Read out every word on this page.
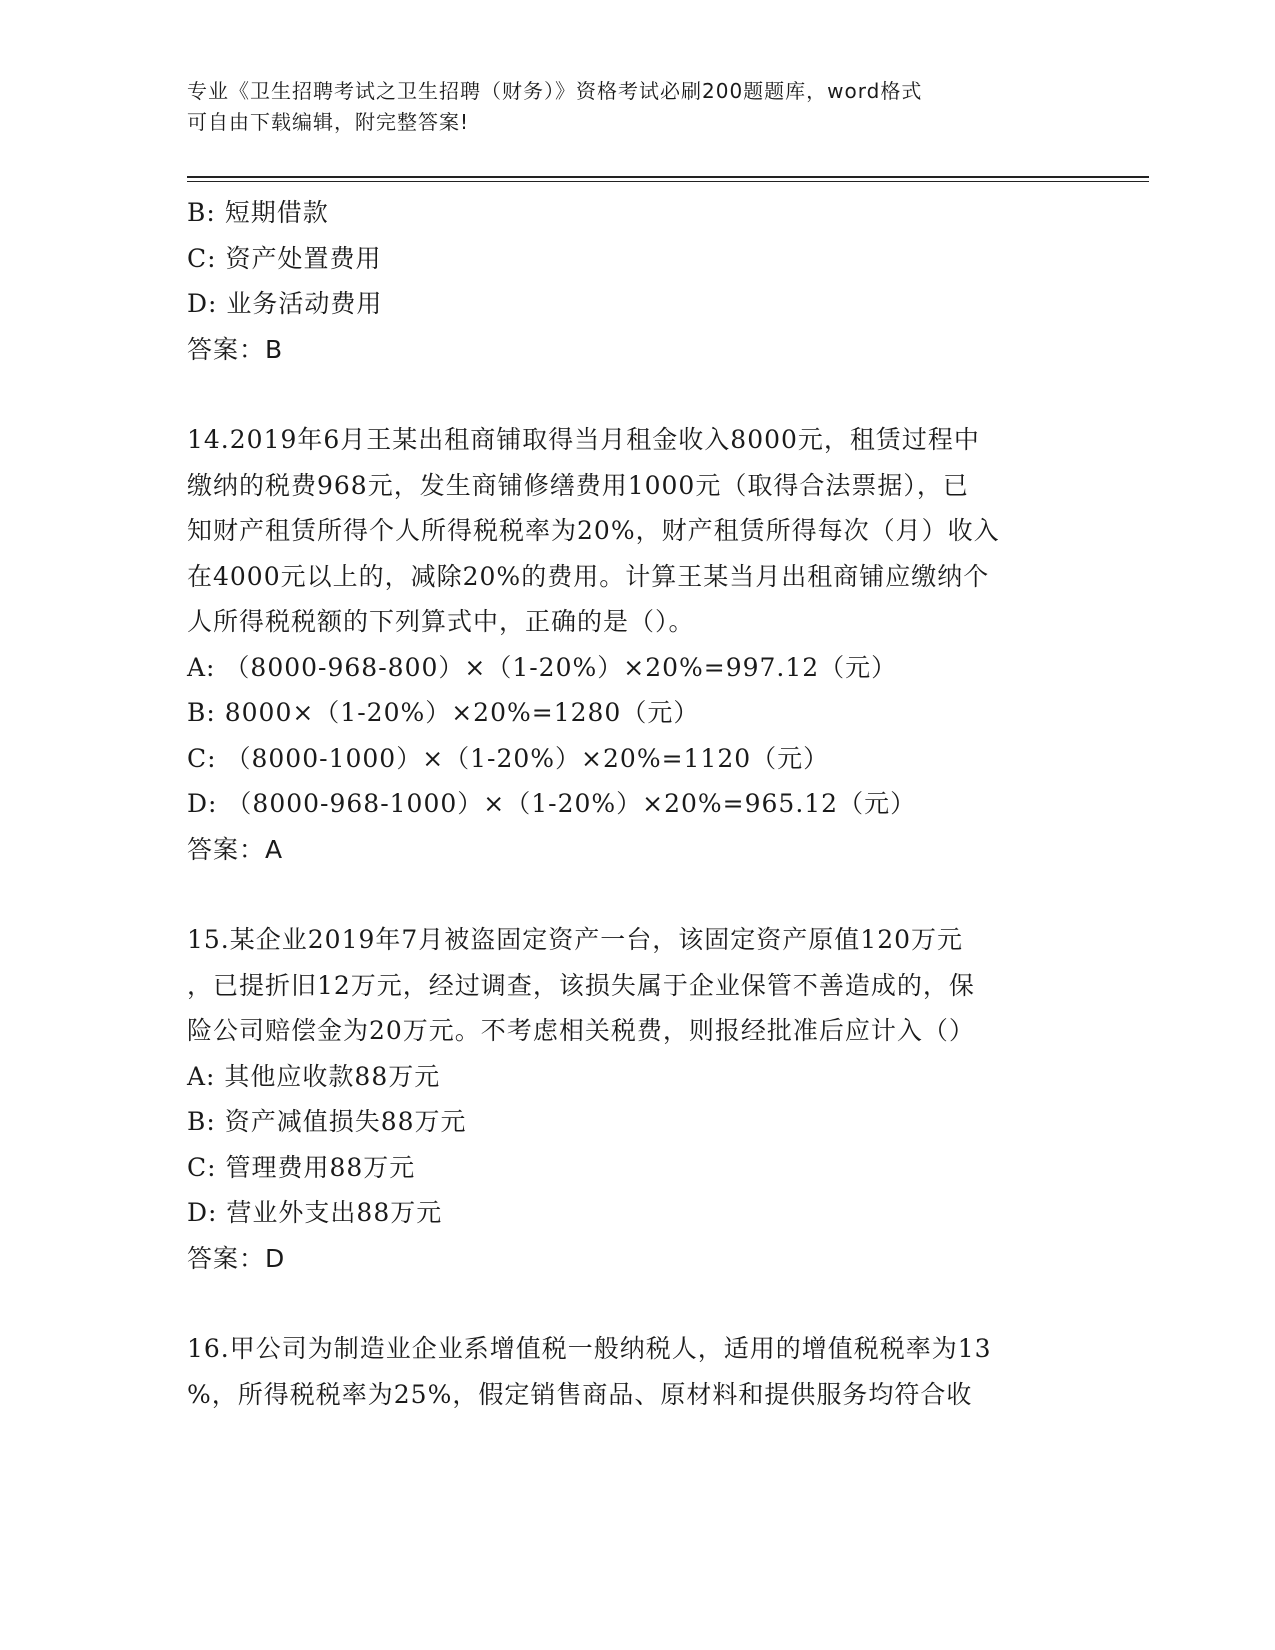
专业《卫生招聘考试之卫生招聘（财务）》资格考试必刷200题题库，word格式
可自由下载编辑，附完整答案!
B: 短期借款
C: 资产处置费用
D: 业务活动费用
答案：B
14.2019年6月王某出租商铺取得当月租金收入8000元，租赁过程中
缴纳的税费968元，发生商铺修缮费用1000元（取得合法票据），已
知财产租赁所得个人所得税税率为20%，财产租赁所得每次（月）收入
在4000元以上的，减除20%的费用。计算王某当月出租商铺应缴纳个
人所得税税额的下列算式中，正确的是（）。
A: （8000-968-800）×（1-20%）×20%=997.12（元）
B: 8000×（1-20%）×20%=1280（元）
C: （8000-1000）×（1-20%）×20%=1120（元）
D: （8000-968-1000）×（1-20%）×20%=965.12（元）
答案：A
15.某企业2019年7月被盗固定资产一台，该固定资产原值120万元
，已提折旧12万元，经过调查，该损失属于企业保管不善造成的，保
险公司赔偿金为20万元。不考虑相关税费，则报经批准后应计入（）
A: 其他应收款88万元
B: 资产减值损失88万元
C: 管理费用88万元
D: 营业外支出88万元
答案：D
16.甲公司为制造业企业系增值税一般纳税人，适用的增值税税率为13
%，所得税税率为25%，假定销售商品、原材料和提供服务均符合收
